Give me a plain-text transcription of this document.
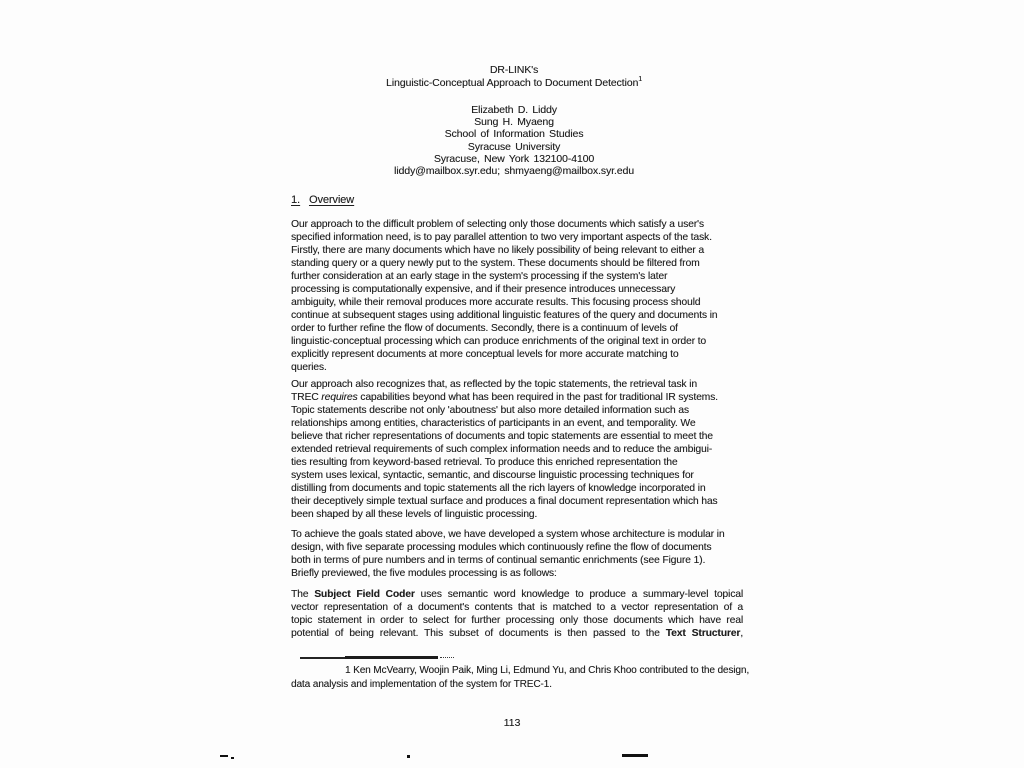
DR-LINK's
Linguistic-Conceptual Approach to Document Detection$^1$
Elizabeth D. Liddy
Sung H. Myaeng
School of Information Studies
Syracuse University
Syracuse, New York 132100-4100
liddy@mailbox.syr.edu; shmyaeng@mailbox.syr.edu
1. Overview
Our approach to the difficult problem of selecting only those documents which satisfy a user's
specified information need, is to pay parallel attention to two very important aspects of the task.
Firstly, there are many documents which have no likely possibility of being relevant to either a
standing query or a query newly put to the system. These documents should be filtered from
further consideration at an early stage in the system's processing if the system's later
processing is computationally expensive, and if their presence introduces unnecessary
ambiguity, while their removal produces more accurate results. This focusing process should
continue at subsequent stages using additional linguistic features of the query and documents in
order to further refine the flow of documents. Secondly, there is a continuum of levels of
linguistic-conceptual processing which can produce enrichments of the original text in order to
explicitly represent documents at more conceptual levels for more accurate matching to
queries.
Our approach also recognizes that, as reflected by the topic statements, the retrieval task in
TREC requires capabilities beyond what has been required in the past for traditional IR systems.
Topic statements describe not only 'aboutness' but also more detailed information such as
relationships among entities, characteristics of participants in an event, and temporality. We
believe that richer representations of documents and topic statements are essential to meet the
extended retrieval requirements of such complex information needs and to reduce the ambigui-
ties resulting from keyword-based retrieval. To produce this enriched representation the
system uses lexical, syntactic, semantic, and discourse linguistic processing techniques for
distilling from documents and topic statements all the rich layers of knowledge incorporated in
their deceptively simple textual surface and produces a final document representation which has
been shaped by all these levels of linguistic processing.
To achieve the goals stated above, we have developed a system whose architecture is modular in
design, with five separate processing modules which continuously refine the flow of documents
both in terms of pure numbers and in terms of continual semantic enrichments (see Figure 1).
Briefly previewed, the five modules processing is as follows:
The Subject Field Coder uses semantic word knowledge to produce a summary-level topical
vector representation of a document's contents that is matched to a vector representation of a
topic statement in order to select for further processing only those documents which have real
potential of being relevant. This subset of documents is then passed to the Text Structurer,
1 Ken McVearry, Woojin Paik, Ming Li, Edmund Yu, and Chris Khoo contributed to the design,
data analysis and implementation of the system for TREC-1.
113
